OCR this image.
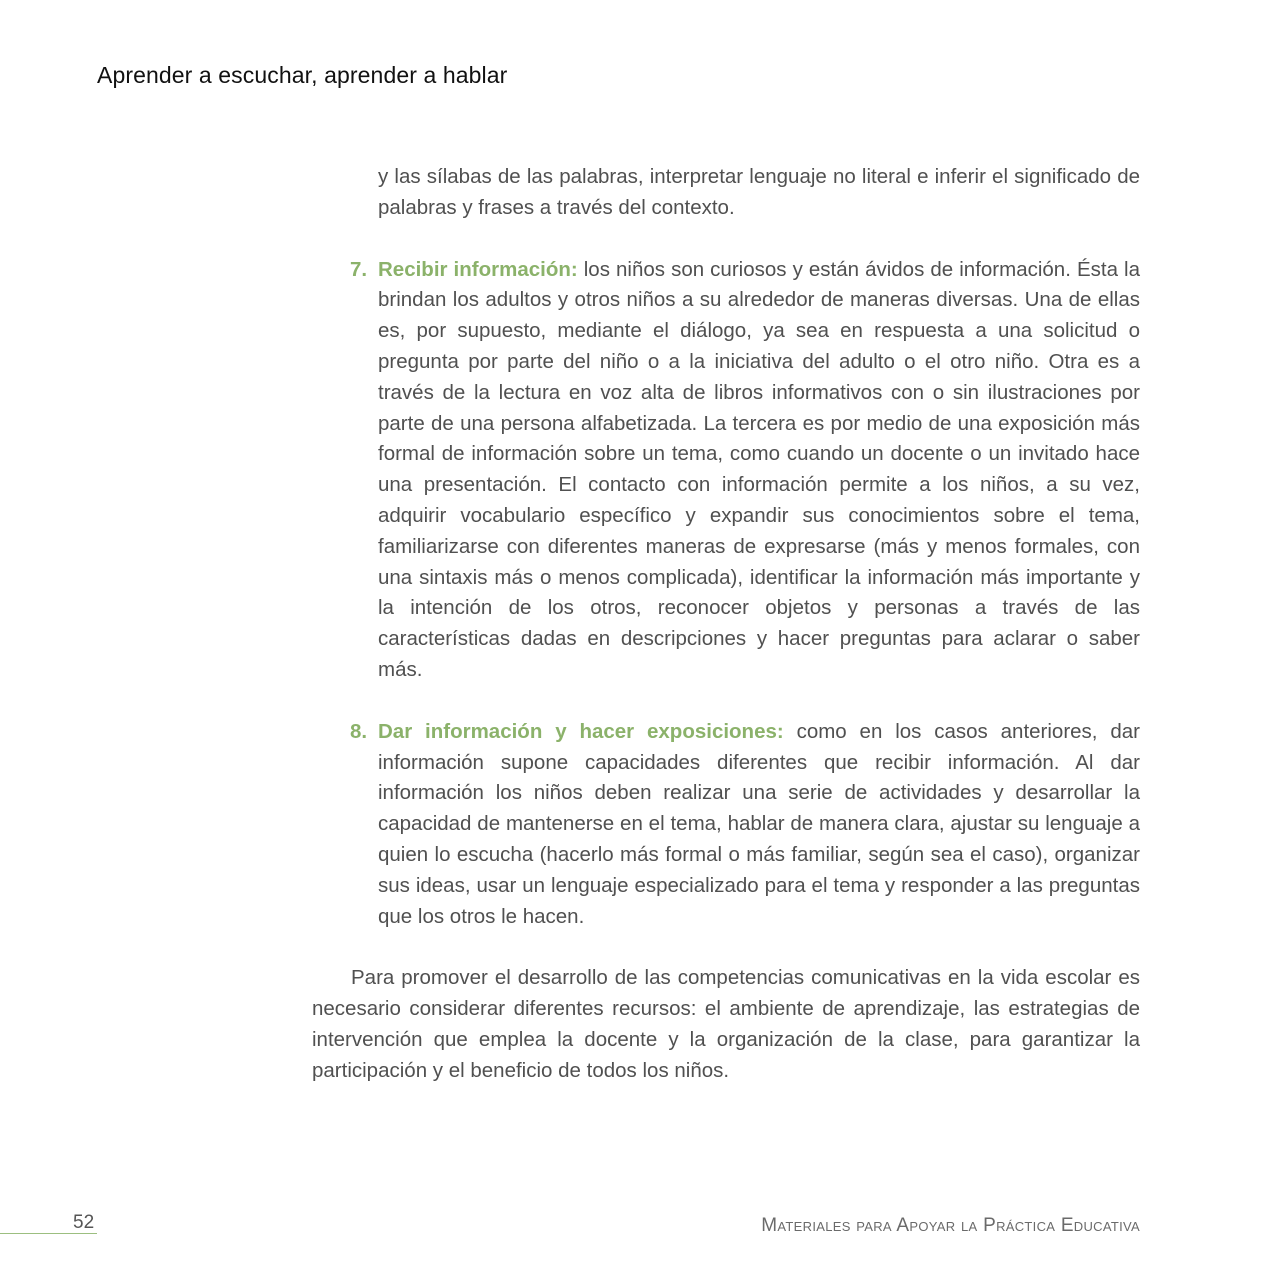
Aprender a escuchar, aprender a hablar

y las sílabas de las palabras, interpretar lenguaje no literal e inferir el significado de palabras y frases a través del contexto.

7. Recibir información: los niños son curiosos y están ávidos de información. Ésta la brindan los adultos y otros niños a su alrededor de maneras diversas. Una de ellas es, por supuesto, mediante el diálogo, ya sea en respuesta a una solicitud o pregunta por parte del niño o a la iniciativa del adulto o el otro niño. Otra es a través de la lectura en voz alta de libros informativos con o sin ilustraciones por parte de una persona alfabetizada. La tercera es por medio de una exposición más formal de información sobre un tema, como cuando un docente o un invitado hace una presentación. El contacto con información permite a los niños, a su vez, adquirir vocabulario específico y expandir sus conocimientos sobre el tema, familiarizarse con diferentes maneras de expresarse (más y menos formales, con una sintaxis más o menos complicada), identificar la información más importante y la intención de los otros, reconocer objetos y personas a través de las características dadas en descripciones y hacer preguntas para aclarar o saber más.
8. Dar información y hacer exposiciones: como en los casos anteriores, dar información supone capacidades diferentes que recibir información. Al dar información los niños deben realizar una serie de actividades y desarrollar la capacidad de mantenerse en el tema, hablar de manera clara, ajustar su lenguaje a quien lo escucha (hacerlo más formal o más familiar, según sea el caso), organizar sus ideas, usar un lenguaje especializado para el tema y responder a las preguntas que los otros le hacen.

Para promover el desarrollo de las competencias comunicativas en la vida escolar es necesario considerar diferentes recursos: el ambiente de aprendizaje, las estrategias de intervención que emplea la docente y la organización de la clase, para garantizar la participación y el beneficio de todos los niños.

52	Materiales para Apoyar la Práctica Educativa
